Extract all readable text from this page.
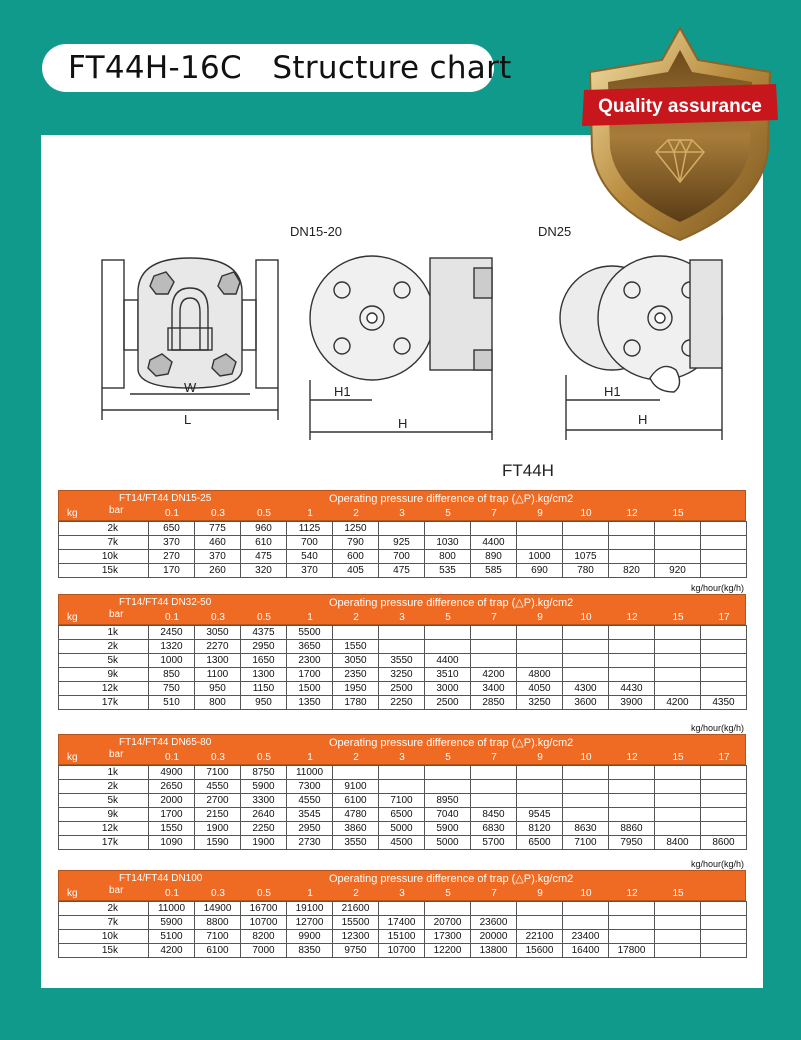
FT44H-16C   Structure chart
Quality assurance
DN15-20	DN25
W
L
H1
H
H1
H
FT44H
FT14/FT44 DN15-25	Operating pressure difference of trap (△P).kg/cm2
kg	bar	0.1	0.3	0.5	1	2	3	5	7	9	10	12	15
2k	650	775	960	1125	1250								
7k	370	460	610	700	790	925	1030	4400					
10k	270	370	475	540	600	700	800	890	1000	1075			
15k	170	260	320	370	405	475	535	585	690	780	820	920	
kg/hour(kg/h)
FT14/FT44 DN32-50	Operating pressure difference of trap (△P).kg/cm2
kg	bar	0.1	0.3	0.5	1	2	3	5	7	9	10	12	15	17
1k	2450	3050	4375	5500									
2k	1320	2270	2950	3650	1550								
5k	1000	1300	1650	2300	3050	3550	4400						
9k	850	1100	1300	1700	2350	3250	3510	4200	4800				
12k	750	950	1150	1500	1950	2500	3000	3400	4050	4300	4430		
17k	510	800	950	1350	1780	2250	2500	2850	3250	3600	3900	4200	4350
kg/hour(kg/h)
FT14/FT44 DN65-80	Operating pressure difference of trap (△P).kg/cm2
kg	bar	0.1	0.3	0.5	1	2	3	5	7	9	10	12	15	17
1k	4900	7100	8750	11000									
2k	2650	4550	5900	7300	9100								
5k	2000	2700	3300	4550	6100	7100	8950						
9k	1700	2150	2640	3545	4780	6500	7040	8450	9545				
12k	1550	1900	2250	2950	3860	5000	5900	6830	8120	8630	8860		
17k	1090	1590	1900	2730	3550	4500	5000	5700	6500	7100	7950	8400	8600
kg/hour(kg/h)
FT14/FT44 DN100	Operating pressure difference of trap (△P).kg/cm2
kg	bar	0.1	0.3	0.5	1	2	3	5	7	9	10	12	15
2k	11000	14900	16700	19100	21600								
7k	5900	8800	10700	12700	15500	17400	20700	23600					
10k	5100	7100	8200	9900	12300	15100	17300	20000	22100	23400			
15k	4200	6100	7000	8350	9750	10700	12200	13800	15600	16400	17800		
